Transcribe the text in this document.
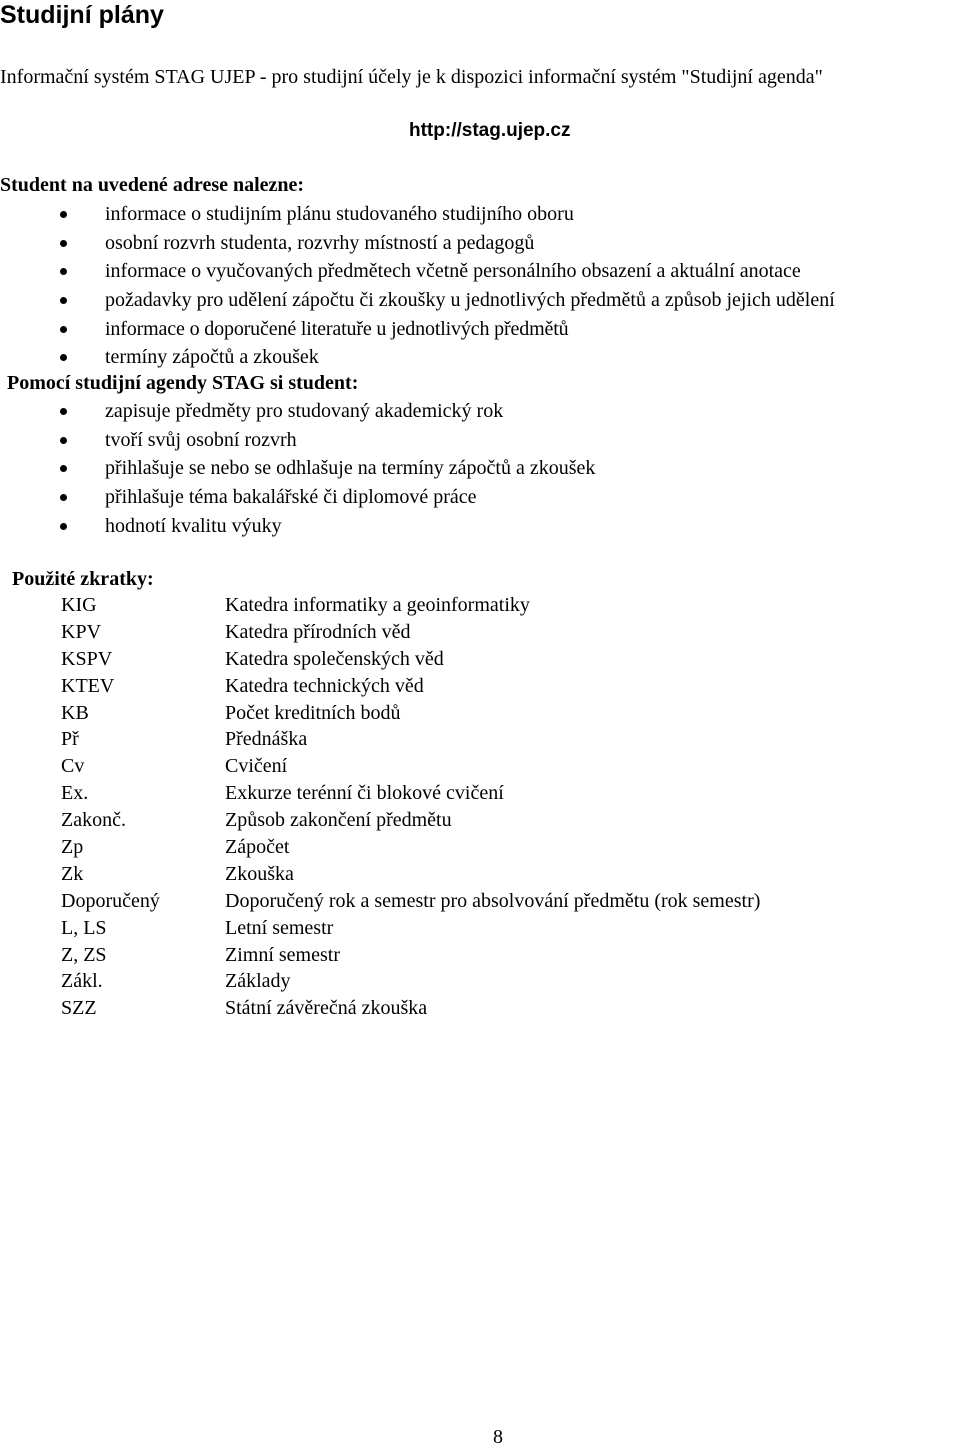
Studijní plány
Informační systém STAG UJEP - pro studijní účely je k dispozici informační systém "Studijní agenda"
http://stag.ujep.cz
Student na uvedené adrese nalezne:
informace o studijním plánu studovaného studijního oboru
osobní rozvrh studenta, rozvrhy místností a pedagogů
informace o vyučovaných předmětech včetně personálního obsazení a aktuální anotace
požadavky pro udělení zápočtu či zkoušky u jednotlivých předmětů a způsob jejich udělení
informace o doporučené literatuře u jednotlivých předmětů
termíny zápočtů a zkoušek
Pomocí studijní agendy STAG si student:
zapisuje předměty pro studovaný akademický rok
tvoří svůj osobní rozvrh
přihlašuje se nebo se odhlašuje na termíny zápočtů a zkoušek
přihlašuje téma bakalářské či diplomové práce
hodnotí kvalitu výuky
Použité zkratky:
KIG	Katedra informatiky a geoinformatiky
KPV	Katedra přírodních věd
KSPV	Katedra společenských věd
KTEV	Katedra technických věd
KB	Počet kreditních bodů
Př	Přednáška
Cv	Cvičení
Ex.	Exkurze terénní či blokové cvičení
Zakonč.	Způsob zakončení předmětu
Zp	Zápočet
Zk	Zkouška
Doporučený	Doporučený rok a semestr pro absolvování předmětu (rok semestr)
L, LS	Letní semestr
Z, ZS	Zimní semestr
Zákl.	Základy
SZZ	Státní závěrečná zkouška
8
